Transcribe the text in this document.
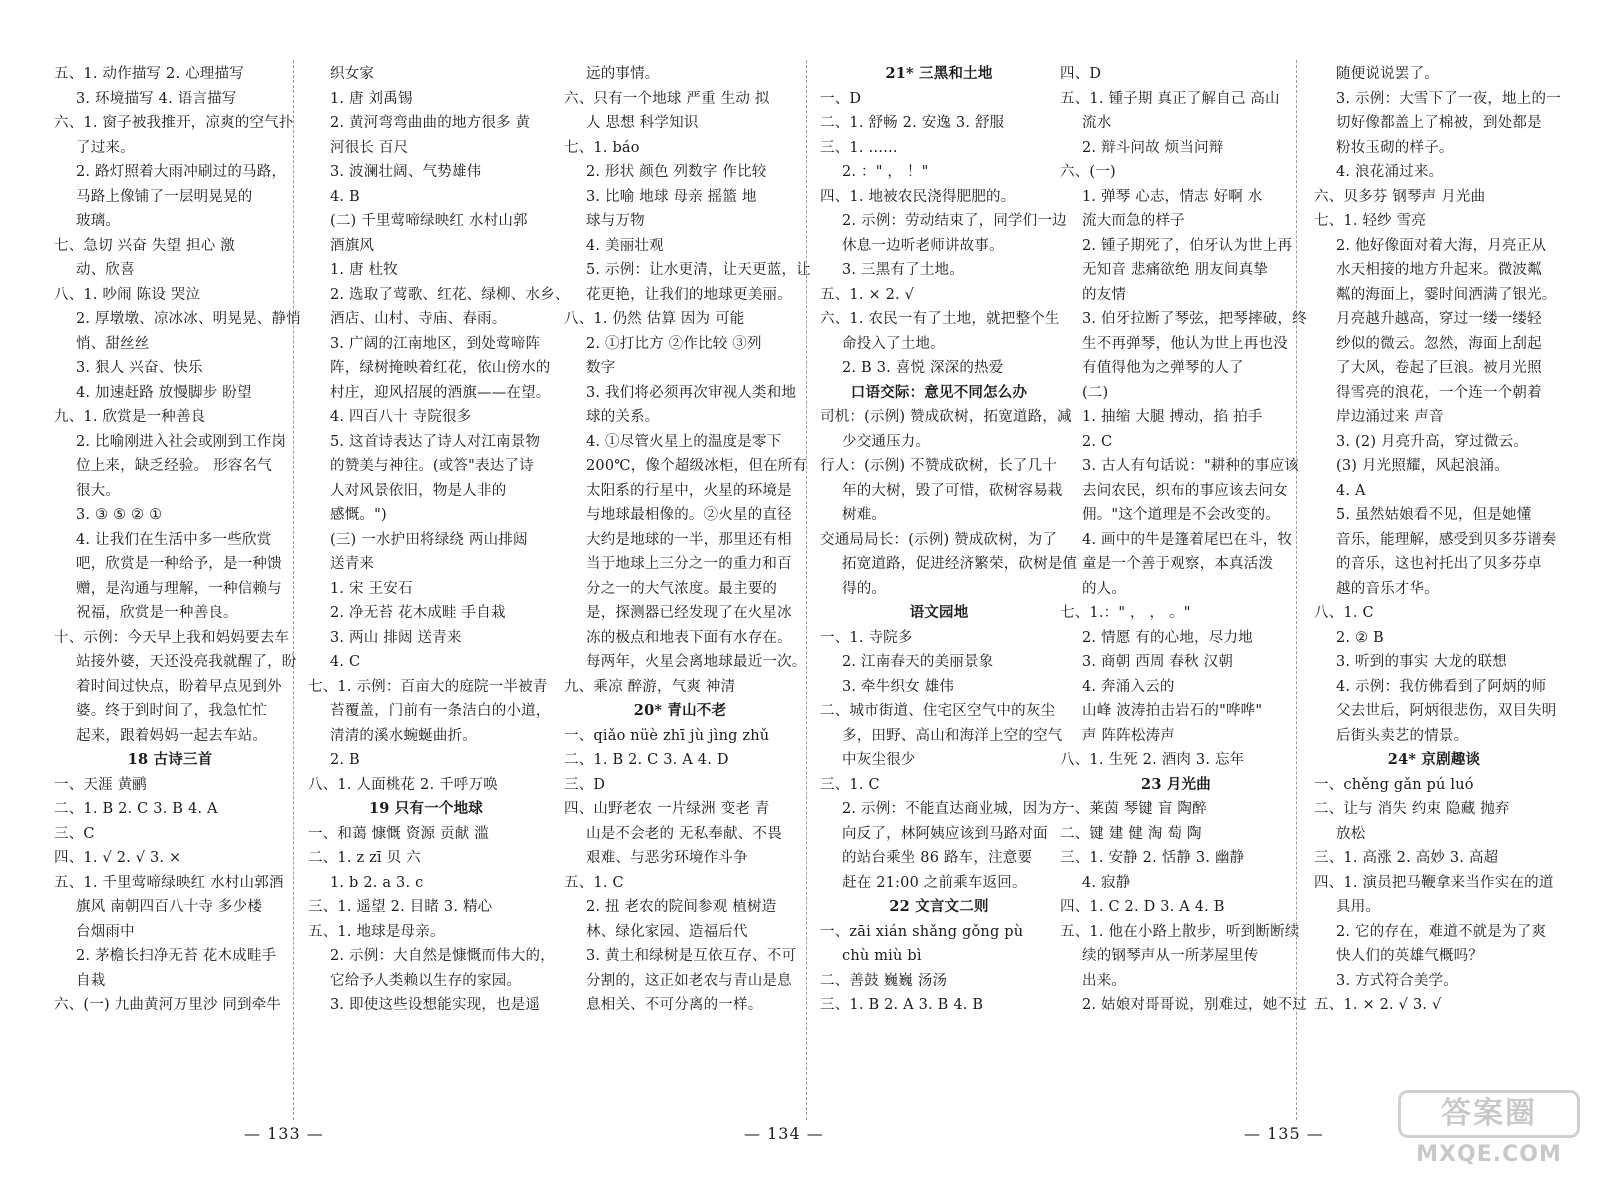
五、1. 动作描写 2. 心理描写
3. 环境描写 4. 语言描写
六、1. 窗子被我推开，凉爽的空气扑
了过来。
2. 路灯照着大雨冲刷过的马路，
马路上像铺了一层明晃晃的
玻璃。
七、急切 兴奋 失望 担心 激
动、欣喜
八、1. 吵闹 陈设 哭泣
2. 厚墩墩、凉冰冰、明晃晃、静悄
悄、甜丝丝
3. 狠人 兴奋、快乐
4. 加速赶路 放慢脚步 盼望
九、1. 欣赏是一种善良
2. 比喻刚进入社会或刚到工作岗
位上来，缺乏经验。 形容名气
很大。
3. ③ ⑤ ② ①
4. 让我们在生活中多一些欣赏
吧，欣赏是一种给予，是一种馈
赠，是沟通与理解，一种信赖与
祝福，欣赏是一种善良。
十、示例：今天早上我和妈妈要去车
站接外婆，天还没亮我就醒了，盼
着时间过快点，盼着早点见到外
婆。终于到时间了，我急忙忙
起来，跟着妈妈一起去车站。
18 古诗三首
一、天涯 黄鹂
二、1. B 2. C 3. B 4. A
三、C
四、1. √ 2. √ 3. ×
五、1. 千里莺啼绿映红 水村山郭酒
旗风 南朝四百八十寺 多少楼
台烟雨中
2. 茅檐长扫净无苔 花木成畦手
自栽
六、(一) 九曲黄河万里沙 同到牵牛
织女家
1. 唐 刘禹锡
2. 黄河弯弯曲曲的地方很多 黄
河很长 百尺
3. 波澜壮阔、气势雄伟
4. B
(二) 千里莺啼绿映红 水村山郭
酒旗风
1. 唐 杜牧
2. 选取了莺歌、红花、绿柳、水乡、
酒店、山村、寺庙、春雨。
3. 广阔的江南地区，到处莺啼阵
阵，绿树掩映着红花，依山傍水的
村庄，迎风招展的酒旗——在望。
4. 四百八十 寺院很多
5. 这首诗表达了诗人对江南景物
的赞美与神往。(或答"表达了诗
人对风景依旧，物是人非的
感慨。")
(三) 一水护田将绿绕 两山排闼
送青来
1. 宋 王安石
2. 净无苔 花木成畦 手自栽
3. 两山 排闼 送青来
4. C
七、1. 示例：百亩大的庭院一半被青
苔覆盖，门前有一条洁白的小道，
清清的溪水蜿蜒曲折。
2. B
八、1. 人面桃花 2. 千呼万唤
19 只有一个地球
一、和蔼 慷慨 资源 贡献 滥
二、1. z zī 贝 六
1. b 2. a 3. c
三、1. 遥望 2. 目睹 3. 精心
五、1. 地球是母亲。
2. 示例：大自然是慷慨而伟大的，
它给予人类赖以生存的家园。
3. 即使这些设想能实现，也是遥
远的事情。
六、只有一个地球 严重 生动 拟
人 思想 科学知识
七、1. báo
2. 形状 颜色 列数字 作比较
3. 比喻 地球 母亲 摇篮 地
球与万物
4. 美丽壮观
5. 示例：让水更清，让天更蓝，让
花更艳，让我们的地球更美丽。
八、1. 仍然 估算 因为 可能
2. ①打比方 ②作比较 ③列
数字
3. 我们将必须再次审视人类和地
球的关系。
4. ①尽管火星上的温度是零下
200℃，像个超级冰柜，但在所有
太阳系的行星中，火星的环境是
与地球最相像的。②火星的直径
大约是地球的一半，那里还有相
当于地球上三分之一的重力和百
分之一的大气浓度。最主要的
是，探测器已经发现了在火星冰
冻的极点和地表下面有水存在。
每两年，火星会离地球最近一次。
九、乘凉 醉游，气爽 神清
20* 青山不老
一、qiǎo nüè zhī jù jìng zhǔ
二、1. B 2. C 3. A 4. D
三、D
四、山野老农 一片绿洲 变老 青
山是不会老的 无私奉献、不畏
艰难、与恶劣环境作斗争
五、1. C
2. 扭 老农的院间参观 植树造
林、绿化家园、造福后代
3. 黄土和绿树是互依互存、不可
分割的，这正如老农与青山是息
息相关、不可分离的一样。
21* 三黑和土地
一、D
二、1. 舒畅 2. 安逸 3. 舒服
三、1. ……
2. ：" ， ！"
四、1. 地被农民浇得肥肥的。
2. 示例：劳动结束了，同学们一边
休息一边听老师讲故事。
3. 三黑有了土地。
五、1. × 2. √
六、1. 农民一有了土地，就把整个生
命投入了土地。
2. B 3. 喜悦 深深的热爱
口语交际：意见不同怎么办
司机：(示例) 赞成砍树，拓宽道路，减
少交通压力。
行人：(示例) 不赞成砍树，长了几十
年的大树，毁了可惜，砍树容易栽
树难。
交通局局长：(示例) 赞成砍树，为了
拓宽道路，促进经济繁荣，砍树是值
得的。
语文园地
一、1. 寺院多
2. 江南春天的美丽景象
3. 牵牛织女 雄伟
二、城市街道、住宅区空气中的灰尘
多，田野、高山和海洋上空的空气
中灰尘很少
三、1. C
2. 示例：不能直达商业城，因为方
向反了，林阿姨应该到马路对面
的站台乘坐 86 路车，注意要
赶在 21:00 之前乘车返回。
22 文言文二则
一、zāi xián shǎng gǒng pù
chù miù bì
二、善鼓 巍巍 汤汤
三、1. B 2. A 3. B 4. B
四、D
五、1. 锺子期 真正了解自己 高山
流水
2. 辩斗问故 烦当问辩
六、(一)
1. 弹琴 心志，情志 好啊 水
流大而急的样子
2. 锺子期死了，伯牙认为世上再
无知音 悲痛欲绝 朋友间真挚
的友情
3. 伯牙拉断了琴弦，把琴摔破，终
生不再弹琴，他认为世上再也没
有值得他为之弹琴的人了
(二)
1. 抽缩 大腿 搏动，掐 拍手
2. C
3. 古人有句话说："耕种的事应该
去问农民，织布的事应该去问女
佣。"这个道理是不会改变的。
4. 画中的牛是篷着尾巴在斗，牧
童是一个善于观察，本真活泼
的人。
七、1.：" ， ， 。"
2. 情愿 有的心地，尽力地
3. 商朝 西周 春秋 汉朝
4. 奔涌入云的
山峰 波涛拍击岩石的"哗哗"
声 阵阵松涛声
八、1. 生死 2. 酒肉 3. 忘年
23 月光曲
一、莱茵 琴键 盲 陶醉
二、键 建 健 淘 萄 陶
三、1. 安静 2. 恬静 3. 幽静
4. 寂静
四、1. C 2. D 3. A 4. B
五、1. 他在小路上散步，听到断断续
续的钢琴声从一所茅屋里传
出来。
2. 姑娘对哥哥说，别难过，她不过
随便说说罢了。
3. 示例：大雪下了一夜，地上的一
切好像都盖上了棉被，到处都是
粉妆玉砌的样子。
4. 浪花涌过来。
六、贝多芬 钢琴声 月光曲
七、1. 轻纱 雪亮
2. 他好像面对着大海，月亮正从
水天相接的地方升起来。微波粼
粼的海面上，霎时间洒满了银光。
月亮越升越高，穿过一缕一缕轻
纱似的微云。忽然，海面上刮起
了大风，卷起了巨浪。被月光照
得雪亮的浪花，一个连一个朝着
岸边涌过来 声音
3. (2) 月亮升高，穿过微云。
(3) 月光照耀，风起浪涌。
4. A
5. 虽然姑娘看不见，但是她懂
音乐，能理解，感受到贝多芬谱奏
的音乐，这也衬托出了贝多芬卓
越的音乐才华。
八、1. C
2. ② B
3. 听到的事实 大龙的联想
4. 示例：我仿佛看到了阿炳的师
父去世后，阿炳很悲伤，双目失明
后街头卖艺的情景。
24* 京剧趣谈
一、chěng gǎn pú luó
二、让与 消失 约束 隐藏 抛弃
放松
三、1. 高涨 2. 高妙 3. 高超
四、1. 演员把马鞭拿来当作实在的道
具用。
2. 它的存在，难道不就是为了爽
快人们的英雄气概吗？
3. 方式符合美学。
五、1. × 2. √ 3. √
— 133 —	— 134 —	— 135 —
答案圈
MXQE.COM
